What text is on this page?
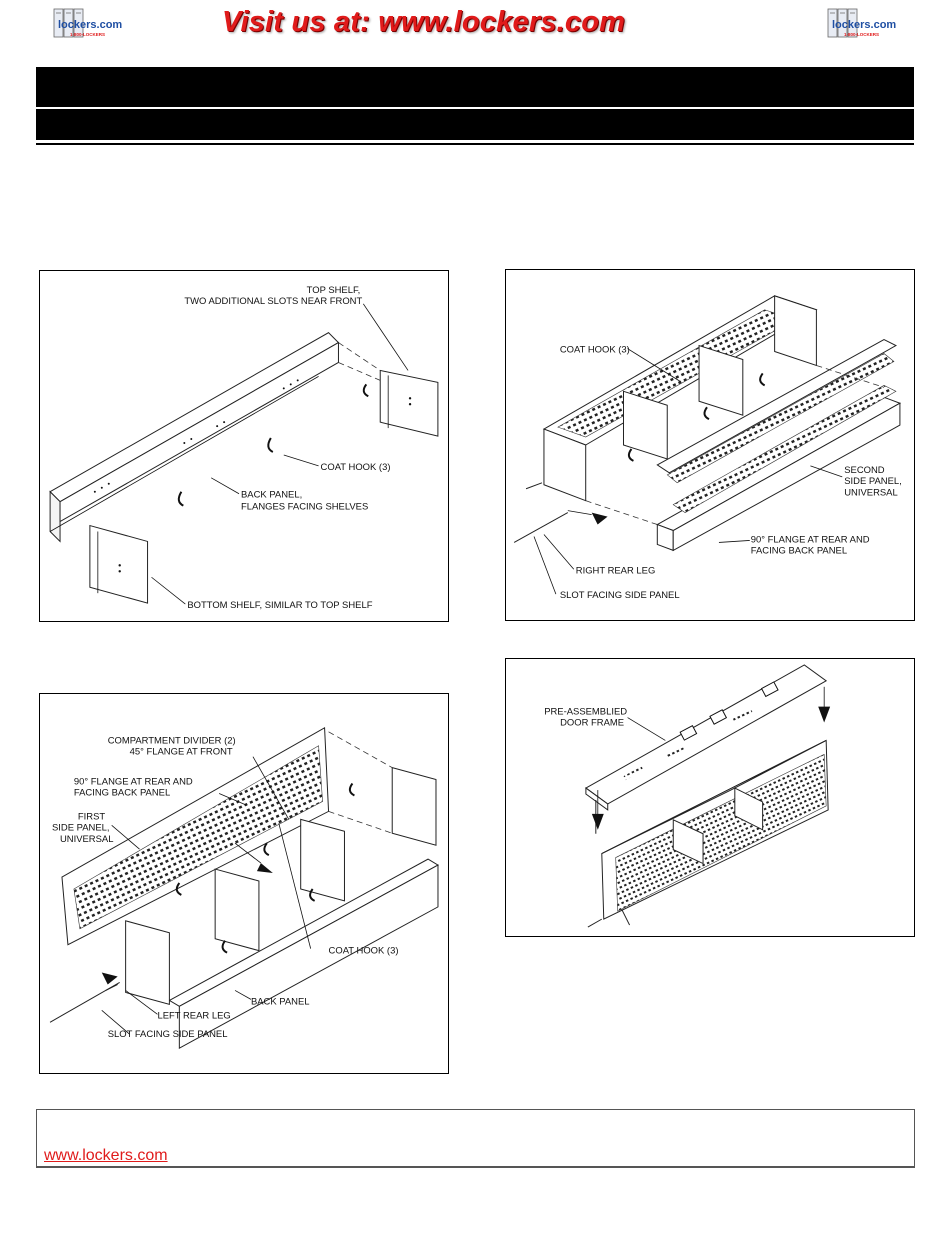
lockers.com
1-800-LOCKERS	Visit us at: www.lockers.com	lockers.com
1-800-LOCKERS
TOP SHELF,
TWO ADDITIONAL SLOTS NEAR FRONT
COAT HOOK (3)
BACK PANEL,
FLANGES FACING SHELVES
BOTTOM SHELF, SIMILAR TO TOP SHELF
COAT HOOK (3)
SECOND
SIDE PANEL,
UNIVERSAL
90° FLANGE AT REAR AND
FACING BACK PANEL
RIGHT REAR LEG
SLOT FACING SIDE PANEL
COMPARTMENT DIVIDER (2)
45° FLANGE AT FRONT
90° FLANGE AT REAR AND
FACING BACK PANEL
FIRST
SIDE PANEL,
UNIVERSAL
COAT HOOK (3)
BACK PANEL
LEFT REAR LEG
SLOT FACING SIDE PANEL
PRE-ASSEMBLIED
DOOR FRAME
www.lockers.com
